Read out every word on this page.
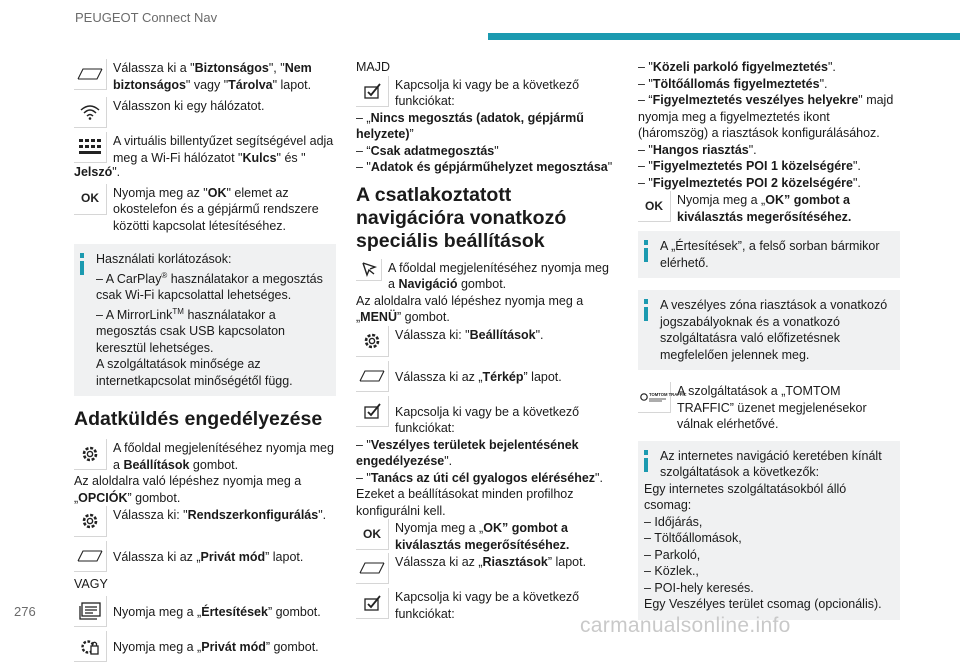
PEUGEOT Connect Nav
Válassza ki a "Biztonságos", "Nem biztonságos" vagy "Tárolva" lapot.
Válasszon ki egy hálózatot.
A virtuális billentyűzet segítségével adja meg a Wi-Fi hálózatot "Kulcs" és "

Jelszó".

OK Nyomja meg az "OK" elemet az okostelefon és a gépjármű rendszere közötti kapcsolat létesítéséhez.
Használati korlátozások:
– A CarPlay® használatakor a megosztás csak Wi-Fi kapcsolattal lehetséges.
– A MirrorLink™ használatakor a megosztás csak USB kapcsolaton keresztül lehetséges.
A szolgáltatások minősége az internetkapcsolat minőségétől függ.
Adatküldés engedélyezése
A főoldal megjelenítéséhez nyomja meg a Beállítások gombot.

Az aloldalra való lépéshez nyomja meg a „OPCIÓK” gombot.

Válassza ki: "Rendszerkonfigurálás".
Válassza ki az „Privát mód” lapot.

VAGY

Nyomja meg a „Értesítések” gombot.
Nyomja meg a „Privát mód” gombot.

MAJD

Kapcsolja ki vagy be a következő funkciókat:

– „Nincs megosztás (adatok, gépjármű helyzete)”

– “Csak adatmegosztás"

– "Adatok és gépjárműhelyzet megosztása"

A csatlakoztatott navigációra vonatkozó speciális beállítások
A főoldal megjelenítéséhez nyomja meg a Navigáció gombot.

Az aloldalra való lépéshez nyomja meg a „MENÜ” gombot.

Válassza ki: "Beállítások".
Válassza ki az „Térkép” lapot.
Kapcsolja ki vagy be a következő funkciókat:

– "Veszélyes területek bejelentésének engedélyezése".

– "Tanács az úti cél gyalogos eléréséhez".

Ezeket a beállításokat minden profilhoz konfigurálni kell.

OK Nyomja meg a „OK” gombot a kiválasztás megerősítéséhez.
Válassza ki az „Riasztások” lapot.
Kapcsolja ki vagy be a következő funkciókat:

– "Közeli parkoló figyelmeztetés".

– "Töltőállomás figyelmeztetés".

– “Figyelmeztetés veszélyes helyekre" majd nyomja meg a figyelmeztetés ikont (háromszög) a riasztások konfigurálásához.

– "Hangos riasztás".

– "Figyelmeztetés POI 1 közelségére".

– "Figyelmeztetés POI 2 közelségére".

OK Nyomja meg a „OK” gombot a kiválasztás megerősítéséhez.
A „Értesítések”, a felső sorban bármikor elérhető.
A veszélyes zóna riasztások a vonatkozó jogszabályoknak és a vonatkozó szolgáltatásra való előfizetésnek megfelelően jelennek meg.
TOMTOM TRAFFIC
A szolgáltatások a „TOMTOM TRAFFIC” üzenet megjelenésekor válnak elérhetővé.
Az internetes navigáció keretében kínált szolgáltatások a következők:
Egy internetes szolgáltatásokból álló csomag:
– Időjárás,
– Töltőállomások,
– Parkoló,
– Közlek.,
– POI-hely keresés.
Egy Veszélyes terület csomag (opcionális).
276
carmanualsonline.info
